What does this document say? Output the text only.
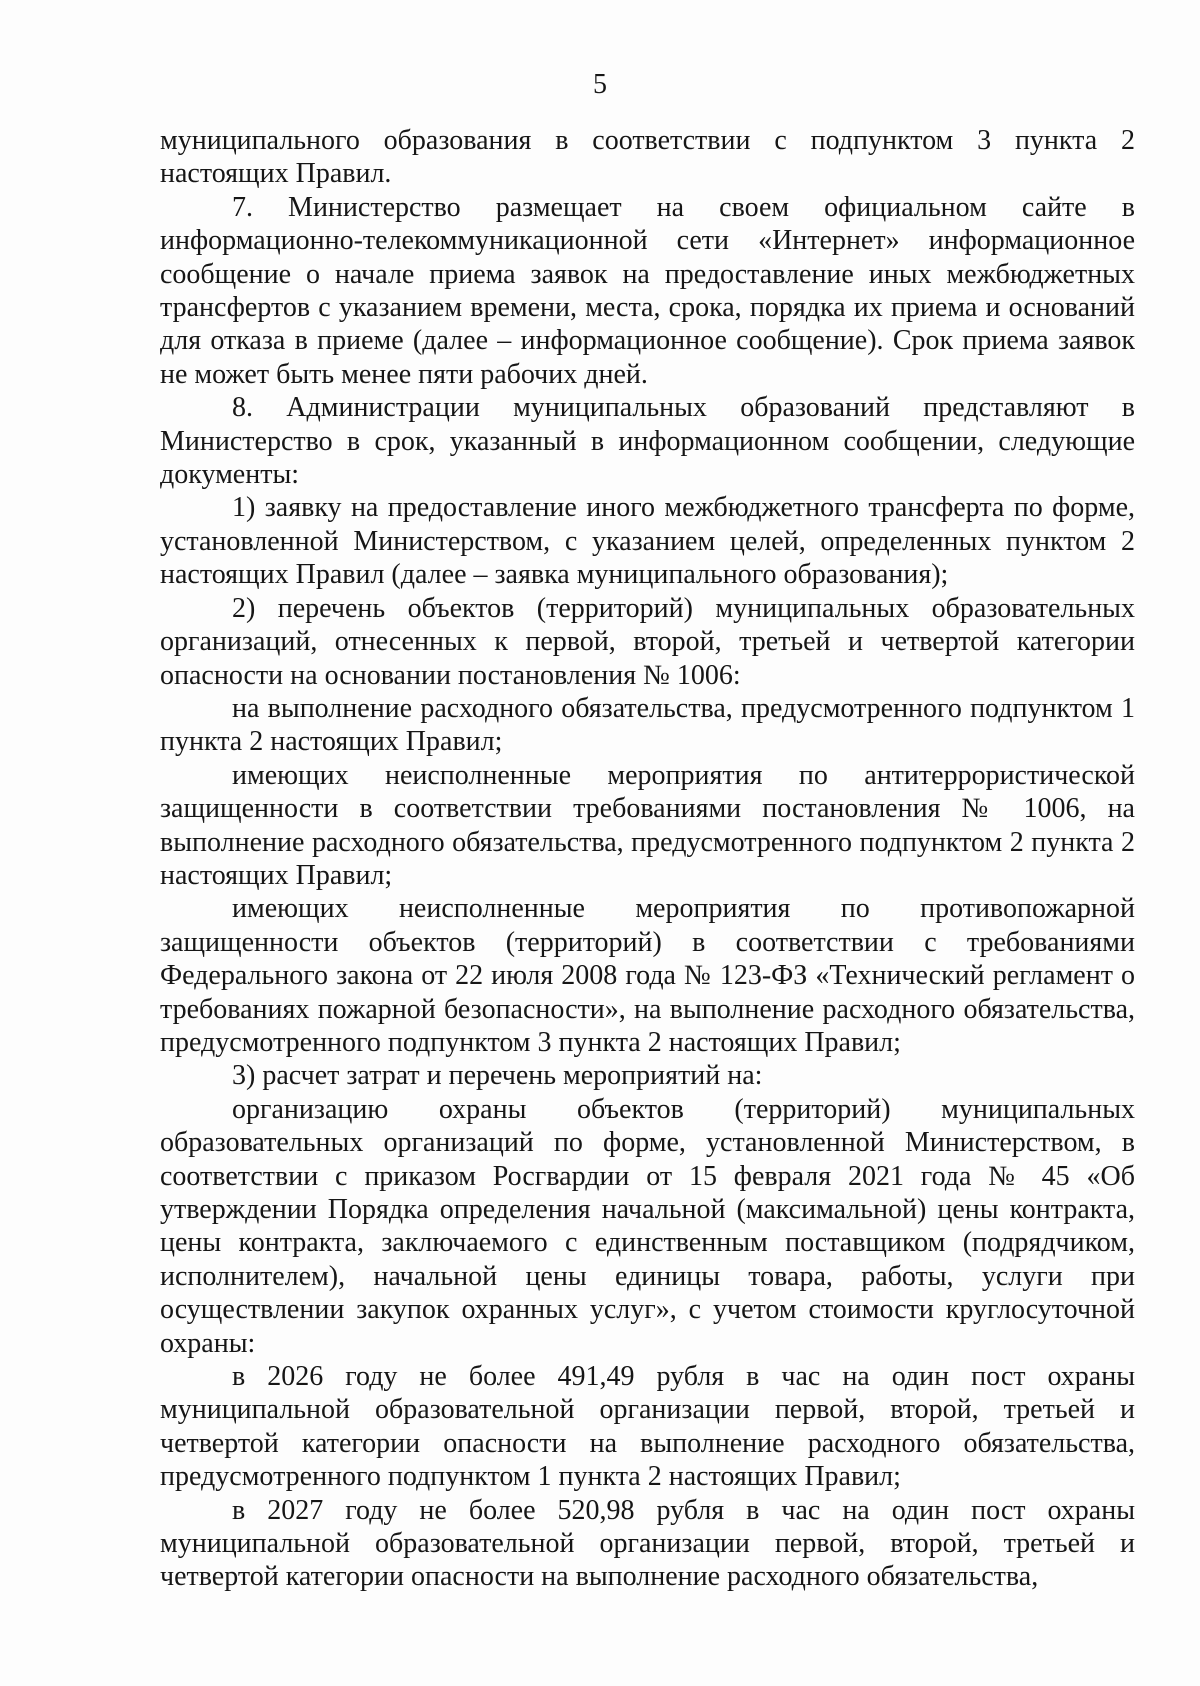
5

муниципального образования в соответствии с подпунктом 3 пункта 2 настоящих Правил.

7. Министерство размещает на своем официальном сайте в информационно-телекоммуникационной сети «Интернет» информационное сообщение о начале приема заявок на предоставление иных межбюджетных трансфертов с указанием времени, места, срока, порядка их приема и оснований для отказа в приеме (далее – информационное сообщение). Срок приема заявок не может быть менее пяти рабочих дней.

8. Администрации муниципальных образований представляют в Министерство в срок, указанный в информационном сообщении, следующие документы:

1) заявку на предоставление иного межбюджетного трансферта по форме, установленной Министерством, с указанием целей, определенных пунктом 2 настоящих Правил (далее – заявка муниципального образования);

2) перечень объектов (территорий) муниципальных образовательных организаций, отнесенных к первой, второй, третьей и четвертой категории опасности на основании постановления № 1006:

на выполнение расходного обязательства, предусмотренного подпунктом 1 пункта 2 настоящих Правил;

имеющих неисполненные мероприятия по антитеррористической защищенности в соответствии требованиями постановления № 1006, на выполнение расходного обязательства, предусмотренного подпунктом 2 пункта 2 настоящих Правил;

имеющих неисполненные мероприятия по противопожарной защищенности объектов (территорий) в соответствии с требованиями Федерального закона от 22 июля 2008 года № 123-ФЗ «Технический регламент о требованиях пожарной безопасности», на выполнение расходного обязательства, предусмотренного подпунктом 3 пункта 2 настоящих Правил;

3) расчет затрат и перечень мероприятий на:

организацию охраны объектов (территорий) муниципальных образовательных организаций по форме, установленной Министерством, в соответствии с приказом Росгвардии от 15 февраля 2021 года № 45 «Об утверждении Порядка определения начальной (максимальной) цены контракта, цены контракта, заключаемого с единственным поставщиком (подрядчиком, исполнителем), начальной цены единицы товара, работы, услуги при осуществлении закупок охранных услуг», с учетом стоимости круглосуточной охраны:

в 2026 году не более 491,49 рубля в час на один пост охраны муниципальной образовательной организации первой, второй, третьей и четвертой категории опасности на выполнение расходного обязательства, предусмотренного подпунктом 1 пункта 2 настоящих Правил;

в 2027 году не более 520,98 рубля в час на один пост охраны муниципальной образовательной организации первой, второй, третьей и четвертой категории опасности на выполнение расходного обязательства,
